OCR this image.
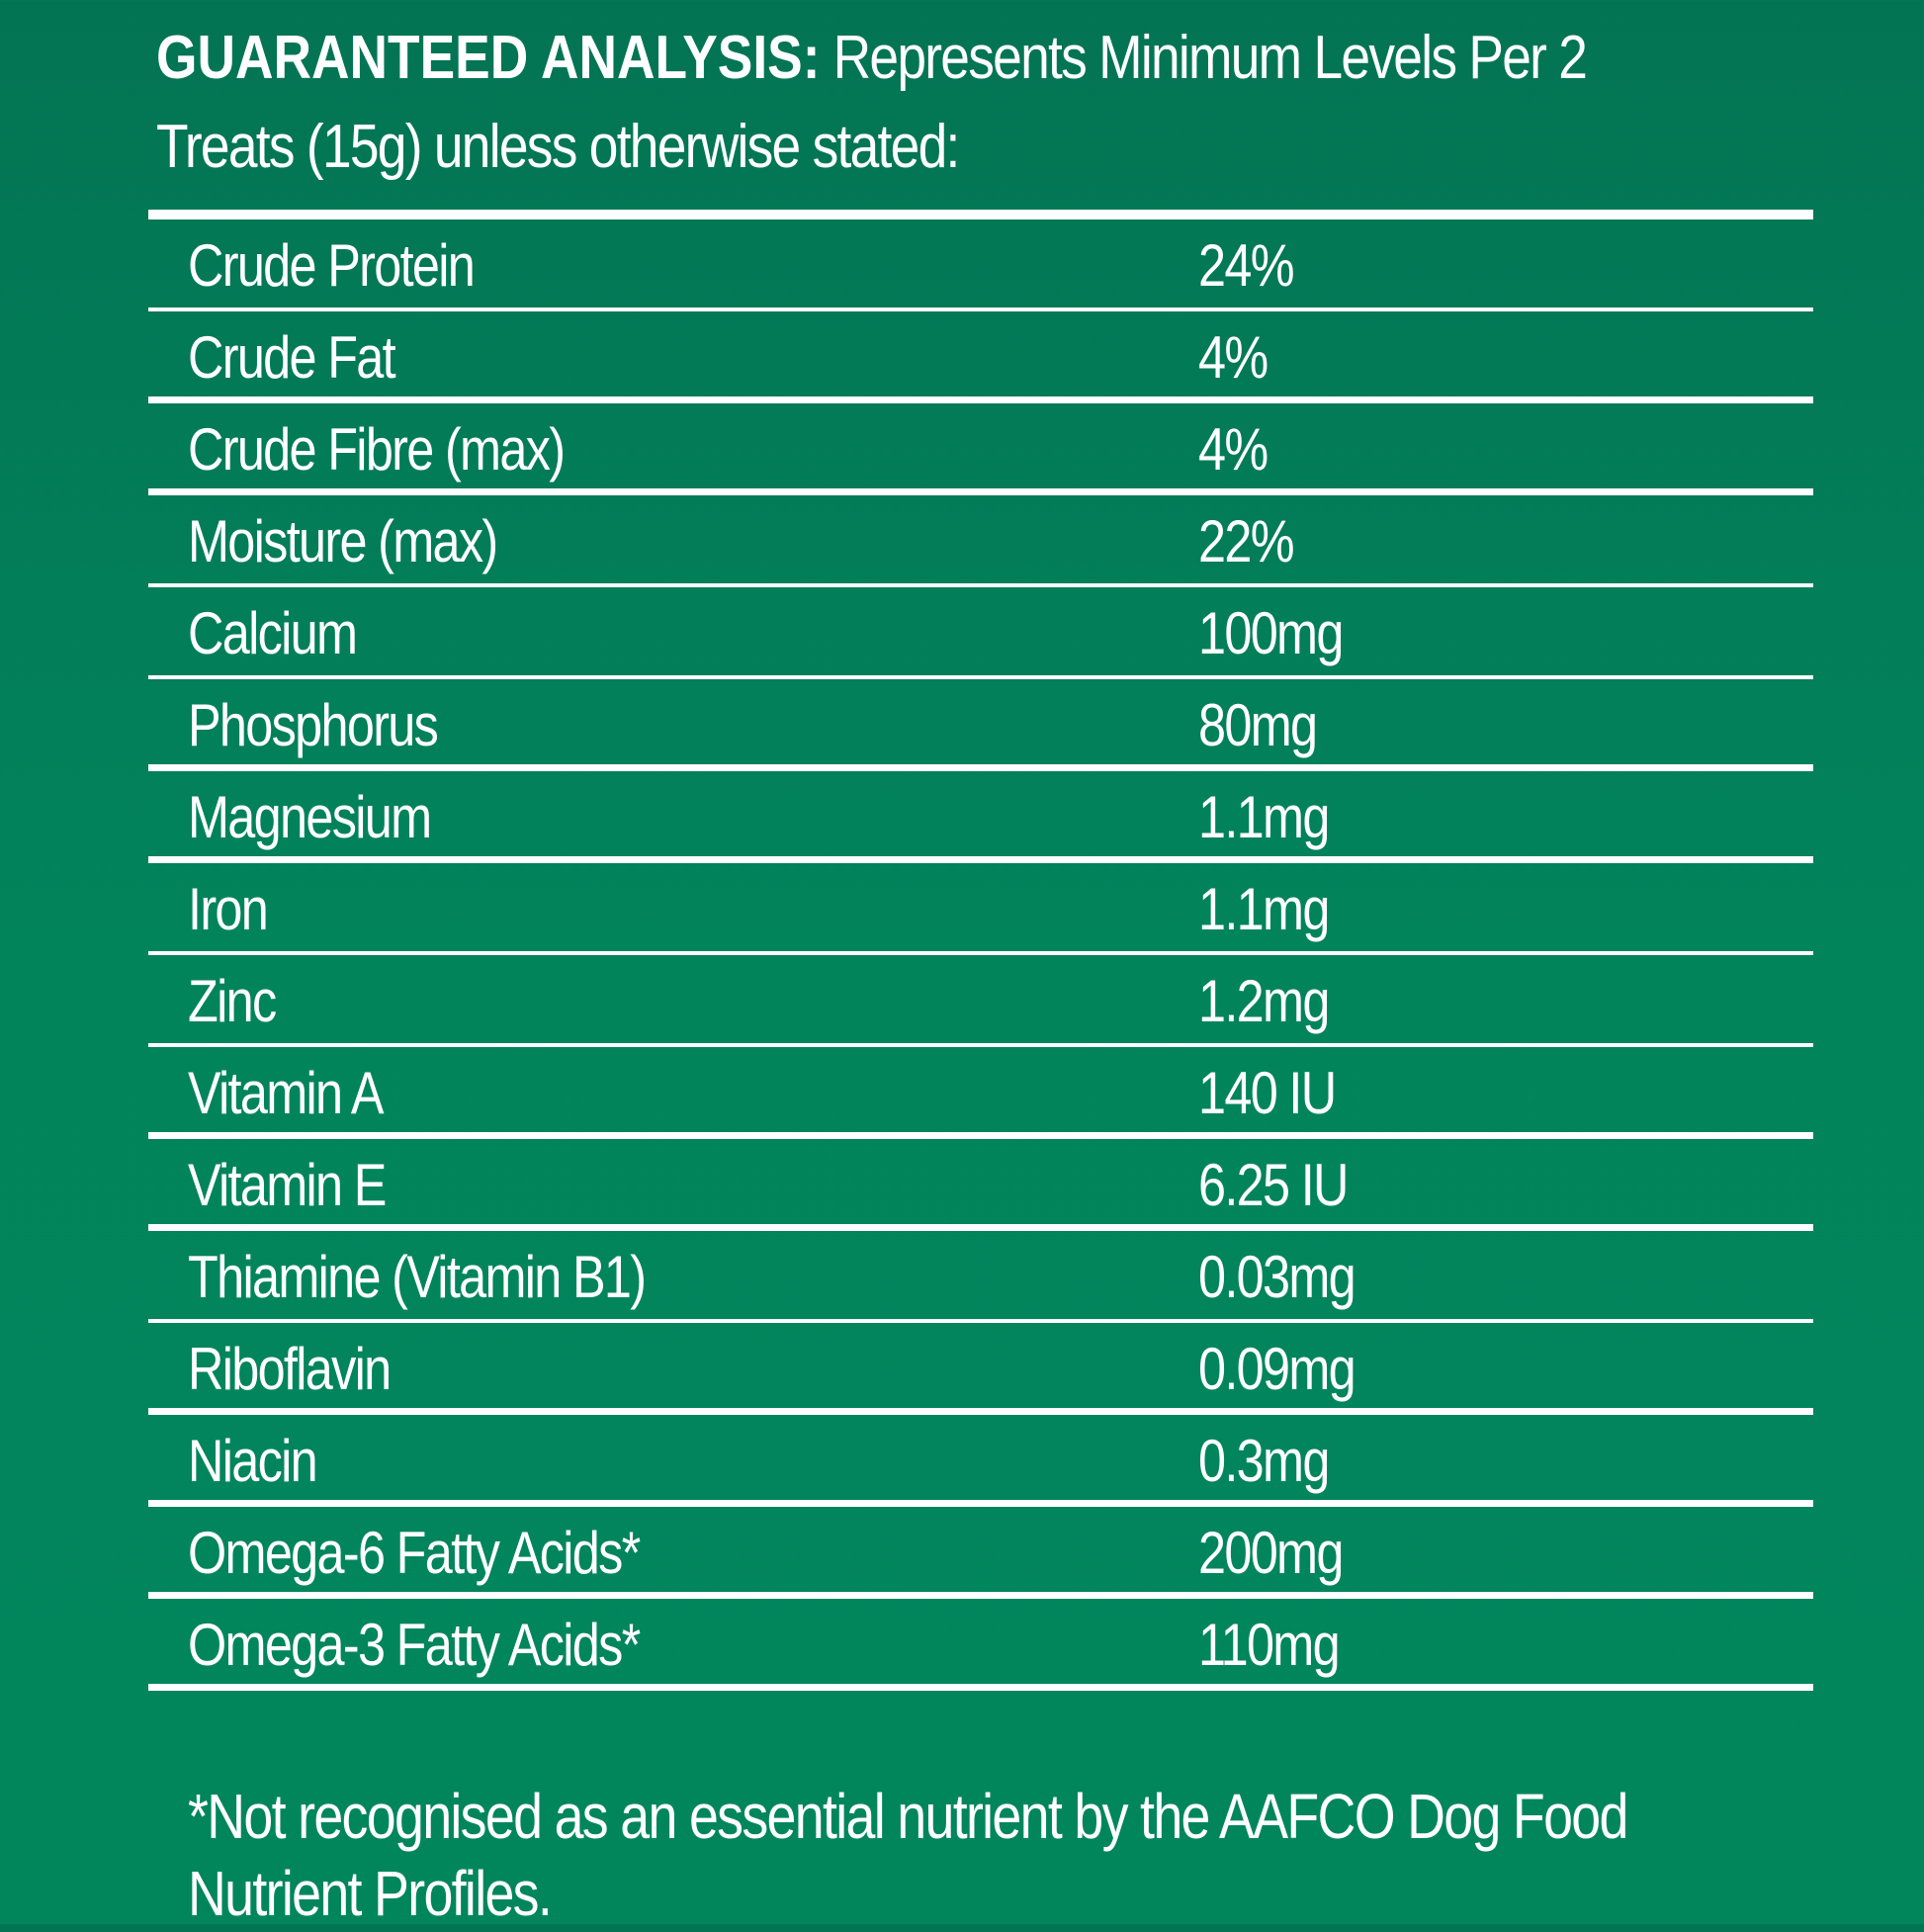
GUARANTEED ANALYSIS: Represents Minimum Levels Per 2
Treats (15g) unless otherwise stated:
Crude Protein	24%
Crude Fat	4%
Crude Fibre (max)	4%
Moisture (max)	22%
Calcium	100mg
Phosphorus	80mg
Magnesium	1.1mg
Iron	1.1mg
Zinc	1.2mg
Vitamin A	140 IU
Vitamin E	6.25 IU
Thiamine (Vitamin B1)	0.03mg
Riboflavin	0.09mg
Niacin	0.3mg
Omega-6 Fatty Acids*	200mg
Omega-3 Fatty Acids*	110mg
*Not recognised as an essential nutrient by the AAFCO Dog Food
Nutrient Profiles.
